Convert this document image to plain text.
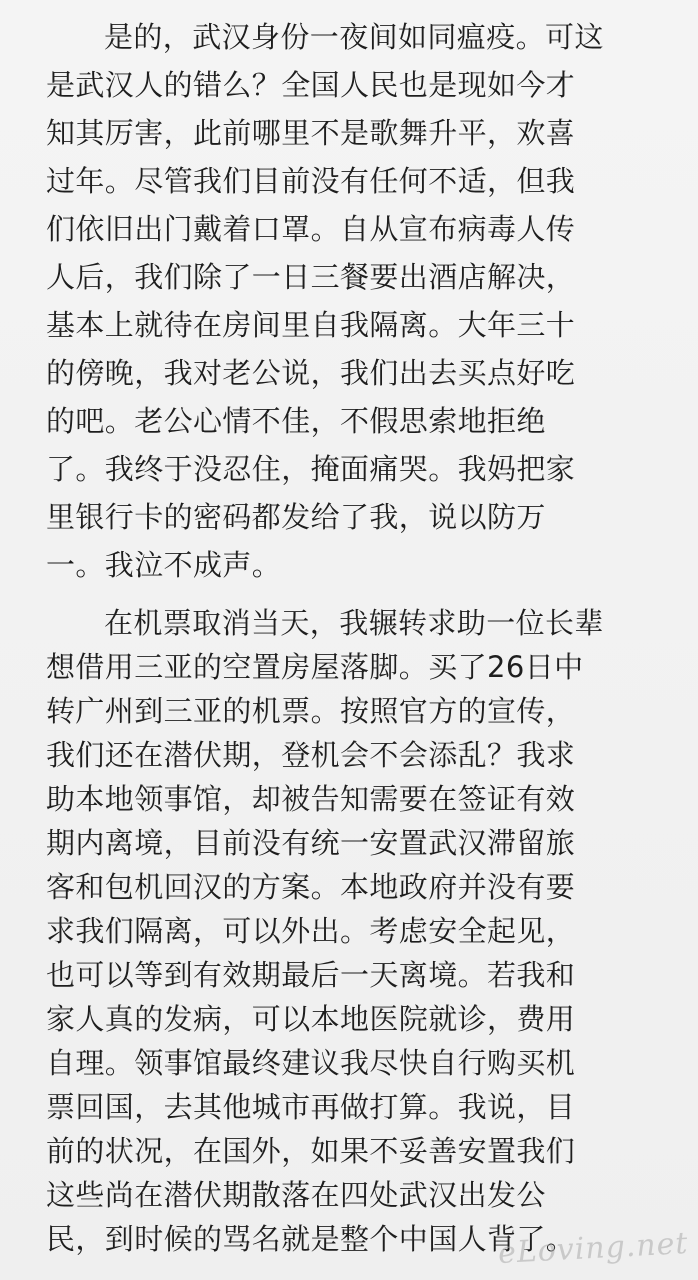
是的，武汉身份一夜间如同瘟疫。可这
是武汉人的错么？全国人民也是现如今才
知其厉害，此前哪里不是歌舞升平，欢喜
过年。尽管我们目前没有任何不适，但我
们依旧出门戴着口罩。自从宣布病毒人传
人后，我们除了一日三餐要出酒店解决，
基本上就待在房间里自我隔离。大年三十
的傍晚，我对老公说，我们出去买点好吃
的吧。老公心情不佳，不假思索地拒绝
了。我终于没忍住，掩面痛哭。我妈把家
里银行卡的密码都发给了我，说以防万
一。我泣不成声。
在机票取消当天，我辗转求助一位长辈
想借用三亚的空置房屋落脚。买了26日中
转广州到三亚的机票。按照官方的宣传，
我们还在潜伏期，登机会不会添乱？我求
助本地领事馆，却被告知需要在签证有效
期内离境，目前没有统一安置武汉滞留旅
客和包机回汉的方案。本地政府并没有要
求我们隔离，可以外出。考虑安全起见，
也可以等到有效期最后一天离境。若我和
家人真的发病，可以本地医院就诊，费用
自理。领事馆最终建议我尽快自行购买机
票回国，去其他城市再做打算。我说，目
前的状况，在国外，如果不妥善安置我们
这些尚在潜伏期散落在四处武汉出发公
民，到时候的骂名就是整个中国人背了。
eLoving.net
